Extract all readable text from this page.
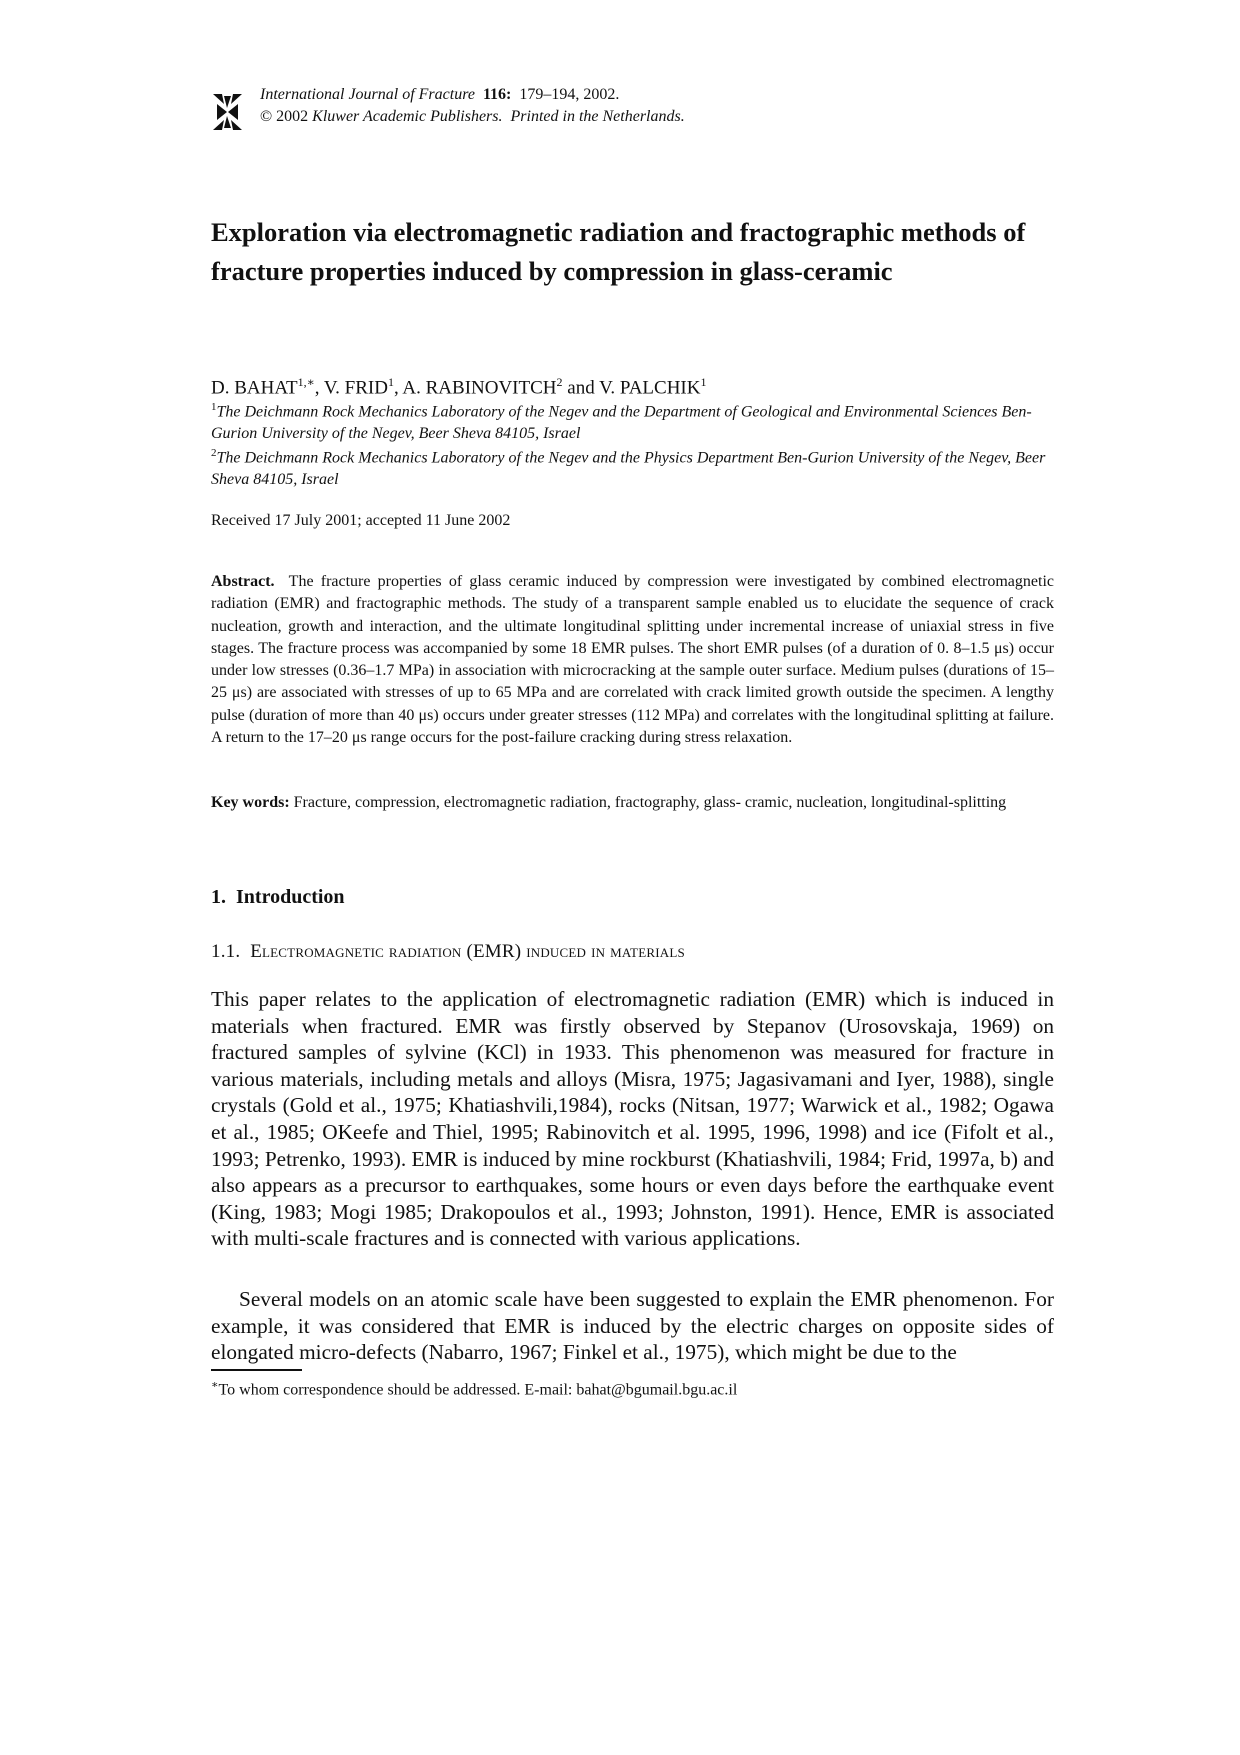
International Journal of Fracture 116: 179–194, 2002.
© 2002 Kluwer Academic Publishers. Printed in the Netherlands.
Exploration via electromagnetic radiation and fractographic methods of fracture properties induced by compression in glass-ceramic
D. $BAHAT^{1,∗}$, V. FRID$^1$, A. RABINOVITCH$^2$ and V. PALCHIK$^1$
$^1$The Deichmann Rock Mechanics Laboratory of the Negev and the Department of Geological and Environmental Sciences Ben-Gurion University of the Negev, Beer Sheva 84105, Israel
$^2$The Deichmann Rock Mechanics Laboratory of the Negev and the Physics Department Ben-Gurion University of the Negev, Beer Sheva 84105, Israel
Received 17 July 2001; accepted 11 June 2002

Abstract. The fracture properties of glass ceramic induced by compression were investigated by combined electromagnetic radiation (EMR) and fractographic methods. The study of a transparent sample enabled us to elucidate the sequence of crack nucleation, growth and interaction, and the ultimate longitudinal splitting under incremental increase of uniaxial stress in five stages. The fracture process was accompanied by some 18 EMR pulses. The short EMR pulses (of a duration of 0. 8–1.5 μs) occur under low stresses (0.36–1.7 MPa) in association with microcracking at the sample outer surface. Medium pulses (durations of 15–25 μs) are associated with stresses of up to 65 MPa and are correlated with crack limited growth outside the specimen. A lengthy pulse (duration of more than 40 μs) occurs under greater stresses (112 MPa) and correlates with the longitudinal splitting at failure. A return to the 17–20 μs range occurs for the post-failure cracking during stress relaxation.

Key words: Fracture, compression, electromagnetic radiation, fractography, glass- cramic, nucleation, longitudinal-splitting

1. Introduction
1.1. Electromagnetic radiation (EMR) induced in materials

This paper relates to the application of electromagnetic radiation (EMR) which is induced in materials when fractured. EMR was firstly observed by Stepanov (Urosovskaja, 1969) on fractured samples of sylvine (KCl) in 1933. This phenomenon was measured for fracture in various materials, including metals and alloys (Misra, 1975; Jagasivamani and Iyer, 1988), single crystals (Gold et al., 1975; Khatiashvili,1984), rocks (Nitsan, 1977; Warwick et al., 1982; Ogawa et al., 1985; OKeefe and Thiel, 1995; Rabinovitch et al. 1995, 1996, 1998) and ice (Fifolt et al., 1993; Petrenko, 1993). EMR is induced by mine rockburst (Khatiashvili, 1984; Frid, 1997a, b) and also appears as a precursor to earthquakes, some hours or even days before the earthquake event (King, 1983; Mogi 1985; Drakopoulos et al., 1993; Johnston, 1991). Hence, EMR is associated with multi-scale fractures and is connected with various applications.

Several models on an atomic scale have been suggested to explain the EMR phenomenon. For example, it was considered that EMR is induced by the electric charges on opposite sides of elongated micro-defects (Nabarro, 1967; Finkel et al., 1975), which might be due to the

∗To whom correspondence should be addressed. E-mail: bahat@bgumail.bgu.ac.il
